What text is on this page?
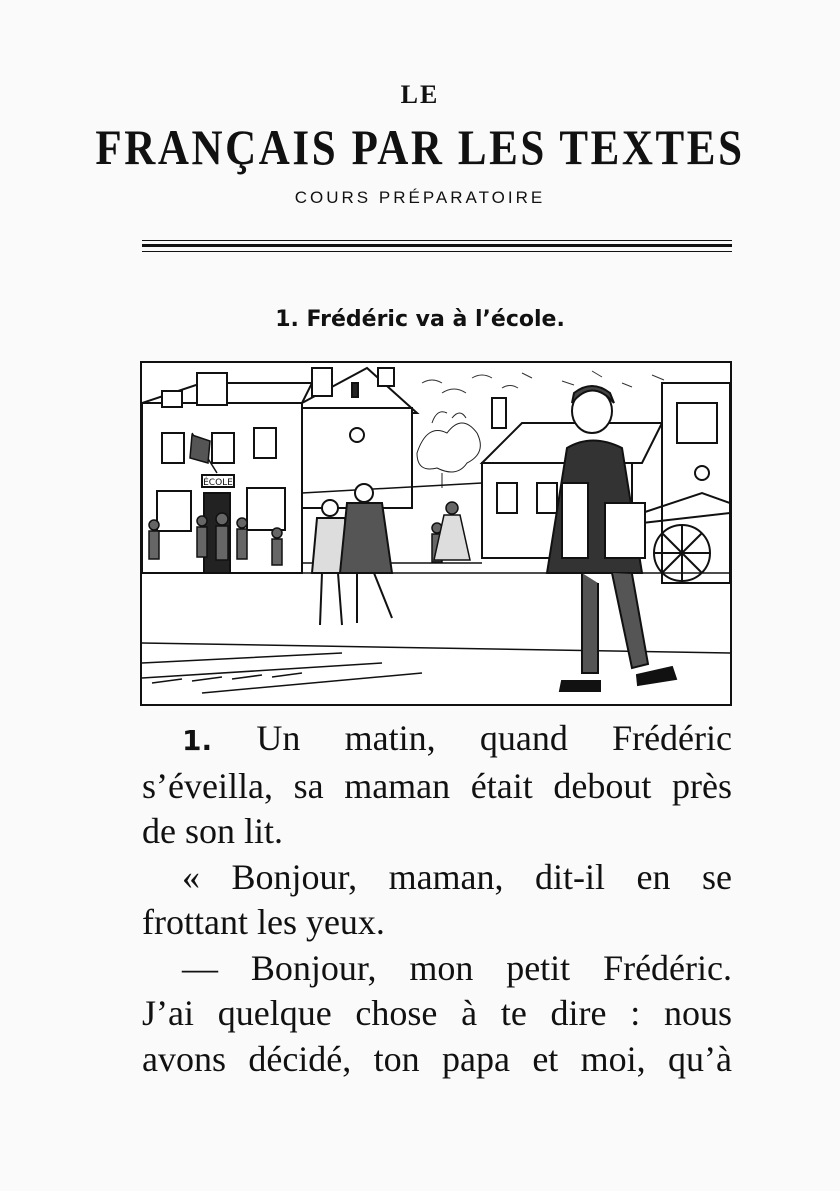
LE
FRANÇAIS PAR LES TEXTES
COURS PRÉPARATOIRE
1. Frédéric va à l’école.
ÉCOLE

1. Un matin, quand Frédéric
s’éveilla, sa maman était debout près
de son lit.

« Bonjour, maman, dit-il en se
frottant les yeux.

— Bonjour, mon petit Frédéric.
J’ai quelque chose à te dire : nous
avons décidé, ton papa et moi, qu’à
